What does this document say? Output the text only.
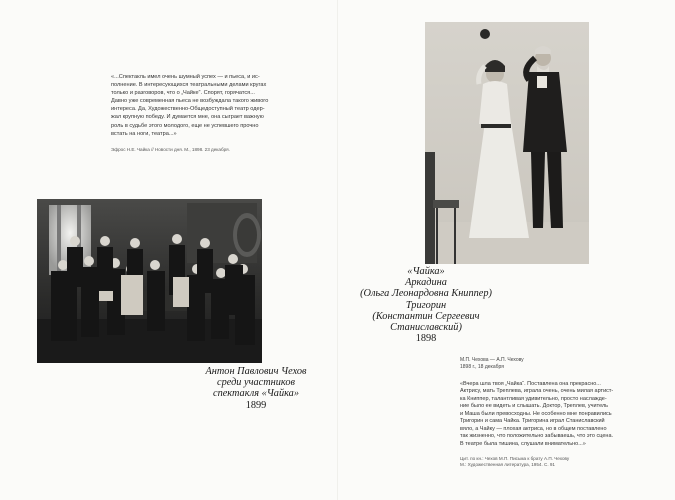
«...Спектакль имел очень шумный успех — и пьеса, и ис-
полнение. В интересующихся театральными делами кругах
только и разговоров, что о „Чайке“. Спорят, горячатся...
Давно уже современная пьеса не возбуждала такого живого
интереса. Да, Художественно-Общедоступный театр одер-
жал крупную победу. И думается мне, она сыграет важную
роль в судьбе этого молодого, еще не успевшего прочно
встать на ноги, театра...»
Эфрос Н.Е. Чайка // Новости дня. М., 1898. 23 декабря.
Антон Павлович Чехов
среди участников
спектакля «Чайка»
1899
«Чайка»
Аркадина
(Ольга Леонардовна Книппер)
Тригорин
(Константин Сергеевич
Станиславский)
1898
М.П. Чехова — А.П. Чехову
1898 г., 18 декабря
«Вчера шла твоя „Чайка“. Поставлена она прекрасно...
Актрису, мать Треплева, играла очень, очень милая артист-
ка Книппер, талантливая удивительно, просто наслажде-
ние было ее видеть и слышать. Доктор, Треплев, учитель
и Маша были превосходны. Не особенно мне понравились
Тригорин и сама Чайка. Тригорина играл Станиславский
вяло, а Чайку — плохая актриса, но в общем поставлено
так жизненно, что положительно забываешь, что это сцена.
В театре была тишина, слушали внимательно...»
Цит. по кн.: Чехов М.П. Письма к брату А.П. Чехову
М.: Художественная литература, 1954. С. 91
